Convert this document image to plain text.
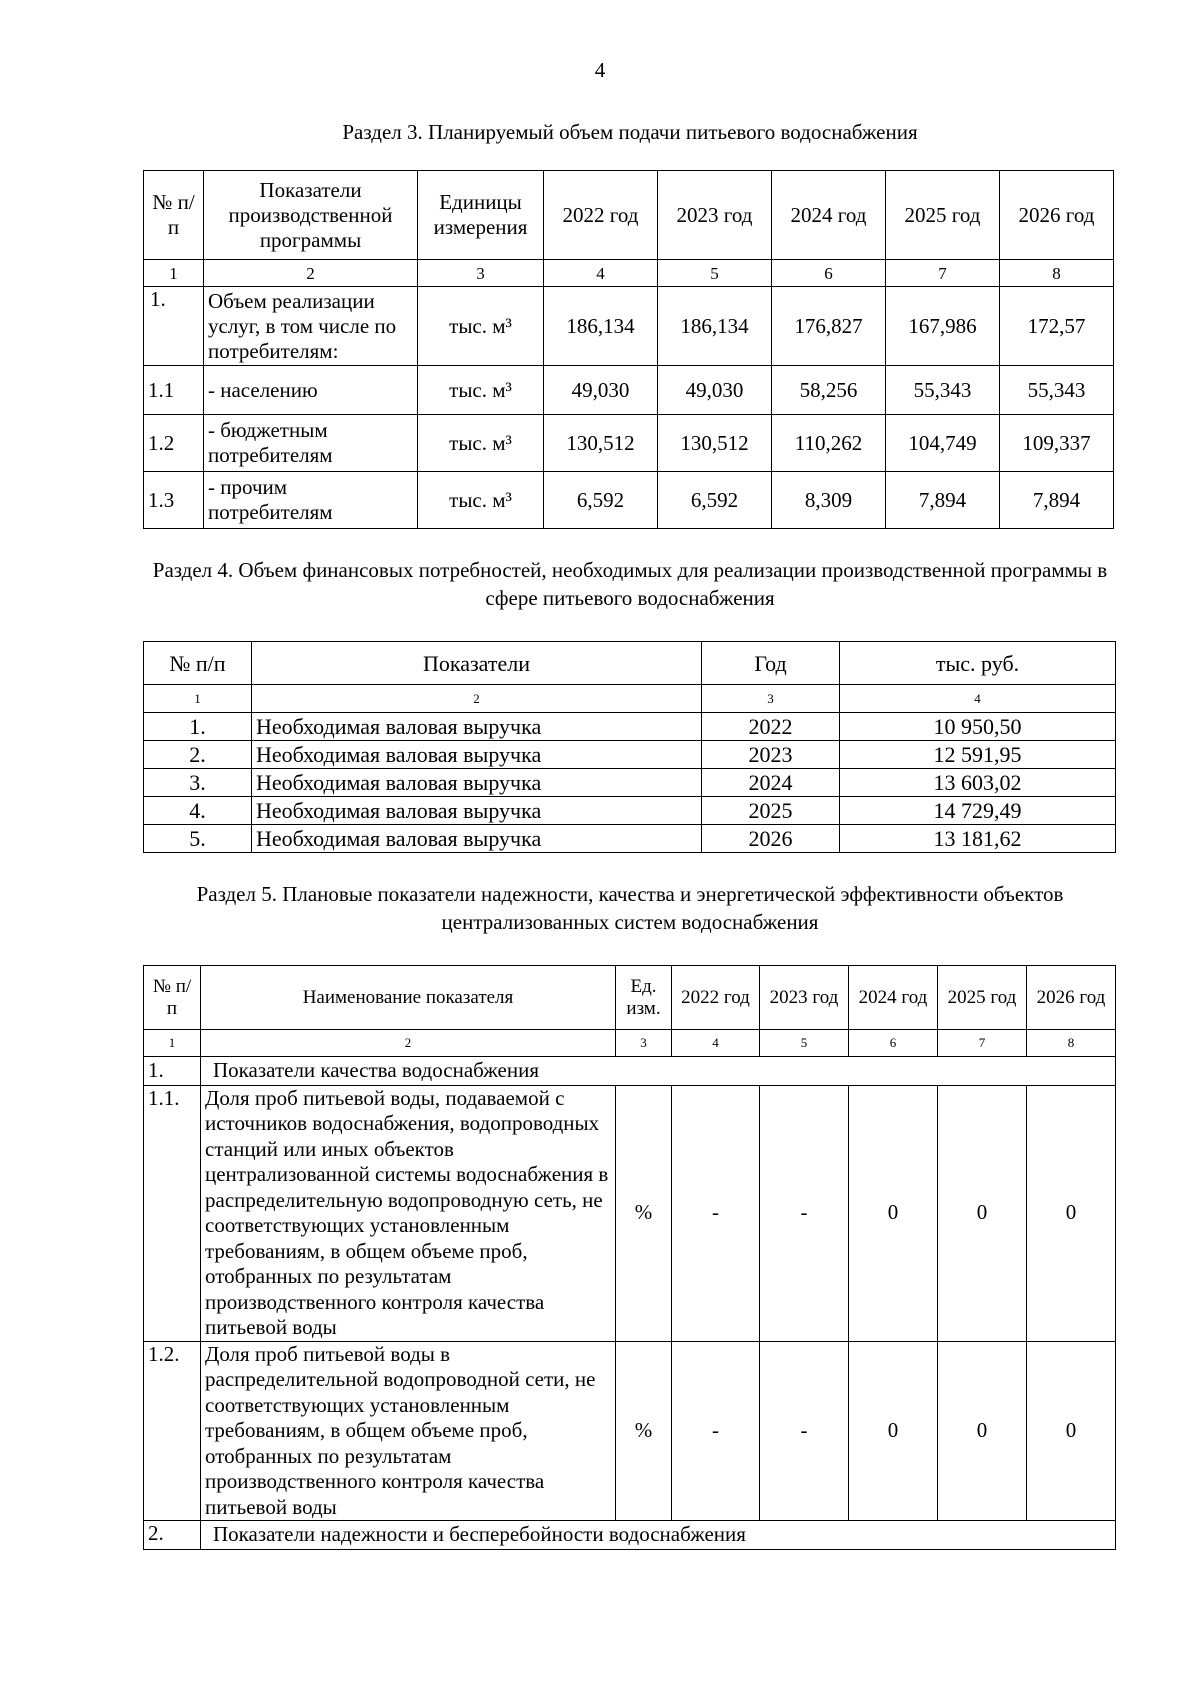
4
Раздел 3. Планируемый объем подачи питьевого водоснабжения
№ п/п	Показатели производственной программы	Единицы измерения	2022 год	2023 год	2024 год	2025 год	2026 год
1	2	3	4	5	6	7	8
1.	Объем реализации услуг, в том числе по потребителям:	тыс. м³	186,134	186,134	176,827	167,986	172,57
1.1	- населению	тыс. м³	49,030	49,030	58,256	55,343	55,343
1.2	- бюджетным потребителям	тыс. м³	130,512	130,512	110,262	104,749	109,337
1.3	- прочим потребителям	тыс. м³	6,592	6,592	8,309	7,894	7,894
Раздел 4. Объем финансовых потребностей, необходимых для реализации производственной программы в сфере питьевого водоснабжения
№ п/п	Показатели	Год	тыс. руб.
1	2	3	4
1.	Необходимая валовая выручка	2022	10 950,50
2.	Необходимая валовая выручка	2023	12 591,95
3.	Необходимая валовая выручка	2024	13 603,02
4.	Необходимая валовая выручка	2025	14 729,49
5.	Необходимая валовая выручка	2026	13 181,62
Раздел 5. Плановые показатели надежности, качества и энергетической эффективности объектов централизованных систем водоснабжения
№ п/п	Наименование показателя	Ед. изм.	2022 год	2023 год	2024 год	2025 год	2026 год
1	2	3	4	5	6	7	8
1.	Показатели качества водоснабжения						
1.1.	Доля проб питьевой воды, подаваемой с источников водоснабжения, водопроводных станций или иных объектов централизованной системы водоснабжения в распределительную водопроводную сеть, не соответствующих установленным требованиям, в общем объеме проб, отобранных по результатам производственного контроля качества питьевой воды	%	-	-	0	0	0
1.2.	Доля проб питьевой воды в распределительной водопроводной сети, не соответствующих установленным требованиям, в общем объеме проб, отобранных по результатам производственного контроля качества питьевой воды	%	-	-	0	0	0
2.	Показатели надежности и бесперебойности водоснабжения						
